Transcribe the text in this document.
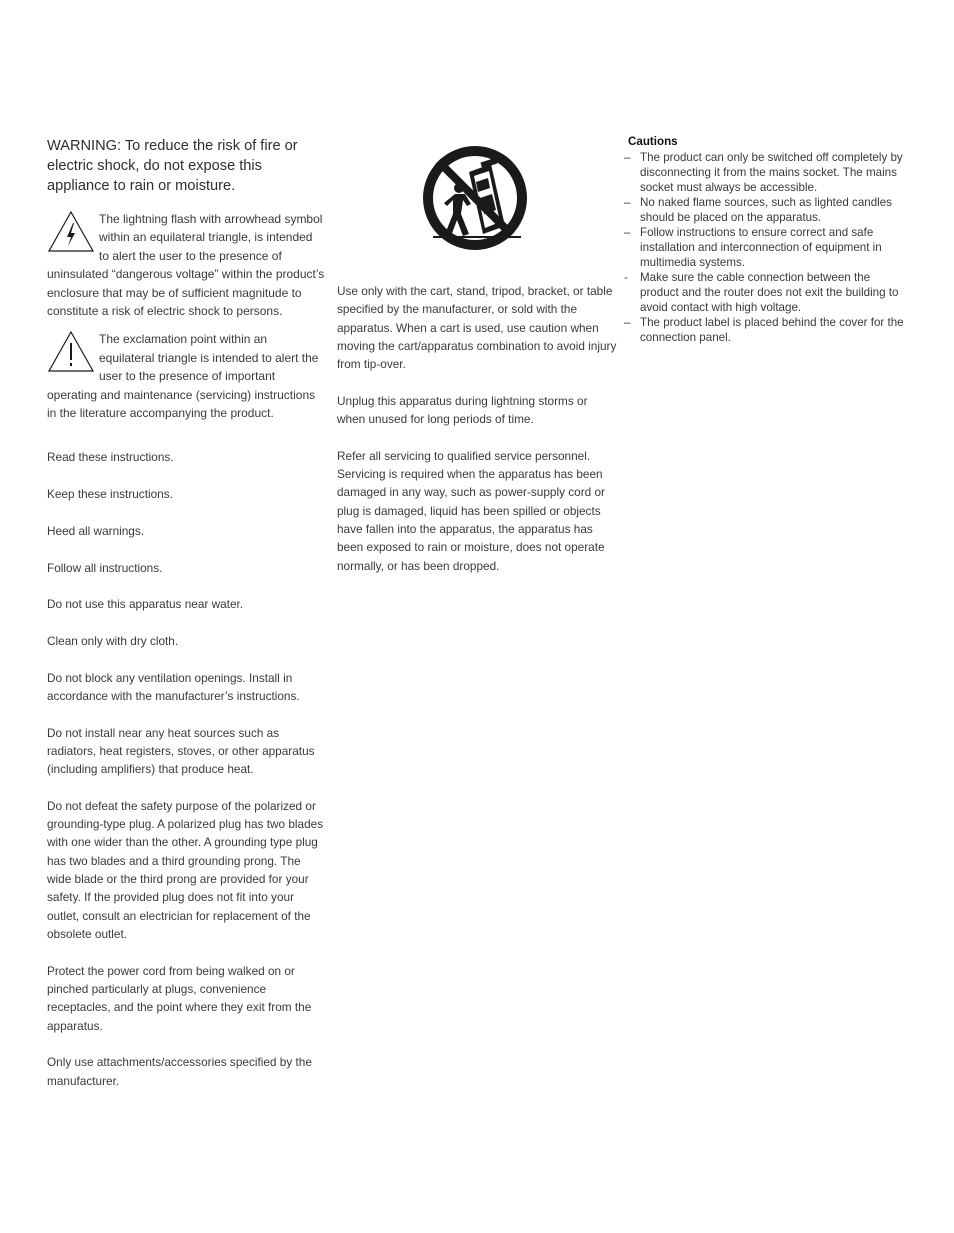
WARNING: To reduce the risk of fire or electric shock, do not expose this appliance to rain or moisture.

The lightning flash with arrowhead symbol within an equilateral triangle, is intended to alert the user to the presence of uninsulated “dangerous voltage” within the product’s enclosure that may be of sufficient magnitude to constitute a risk of electric shock to persons.
The exclamation point within an equilateral triangle is intended to alert the user to the presence of important operating and maintenance (servicing) instructions in the literature accompanying the product.

Read these instructions.

Keep these instructions.

Heed all warnings.

Follow all instructions.

Do not use this apparatus near water.

Clean only with dry cloth.

Do not block any ventilation openings. Install in accordance with the manufacturer’s instructions.

Do not install near any heat sources such as radiators, heat registers, stoves, or other apparatus (including amplifiers) that produce heat.

Do not defeat the safety purpose of the polarized or grounding-type plug. A polarized plug has two blades with one wider than the other. A grounding type plug has two blades and a third grounding prong. The wide blade or the third prong are provided for your safety. If the provided plug does not fit into your outlet, consult an electrician for replacement of the obsolete outlet.

Protect the power cord from being walked on or pinched particularly at plugs, convenience receptacles, and the point where they exit from the apparatus.

Only use attachments/accessories specified by the manufacturer.

Use only with the cart, stand, tripod, bracket, or table specified by the manufacturer, or sold with the apparatus. When a cart is used, use caution when moving the cart/apparatus combination to avoid injury from tip-over.

Unplug this apparatus during lightning storms or when unused for long periods of time.

Refer all servicing to qualified service personnel. Servicing is required when the apparatus has been damaged in any way, such as power-supply cord or plug is damaged, liquid has been spilled or objects have fallen into the apparatus, the apparatus has been exposed to rain or moisture, does not operate normally, or has been dropped.

Cautions
– The product can only be switched off completely by disconnecting it from the mains socket. The mains socket must always be accessible.
– No naked flame sources, such as lighted candles should be placed on the apparatus.
– Follow instructions to ensure correct and safe installation and interconnection of equipment in multimedia systems.
- Make sure the cable connection between the product and the router does not exit the building to avoid contact with high voltage.
– The product label is placed behind the cover for the connection panel.
